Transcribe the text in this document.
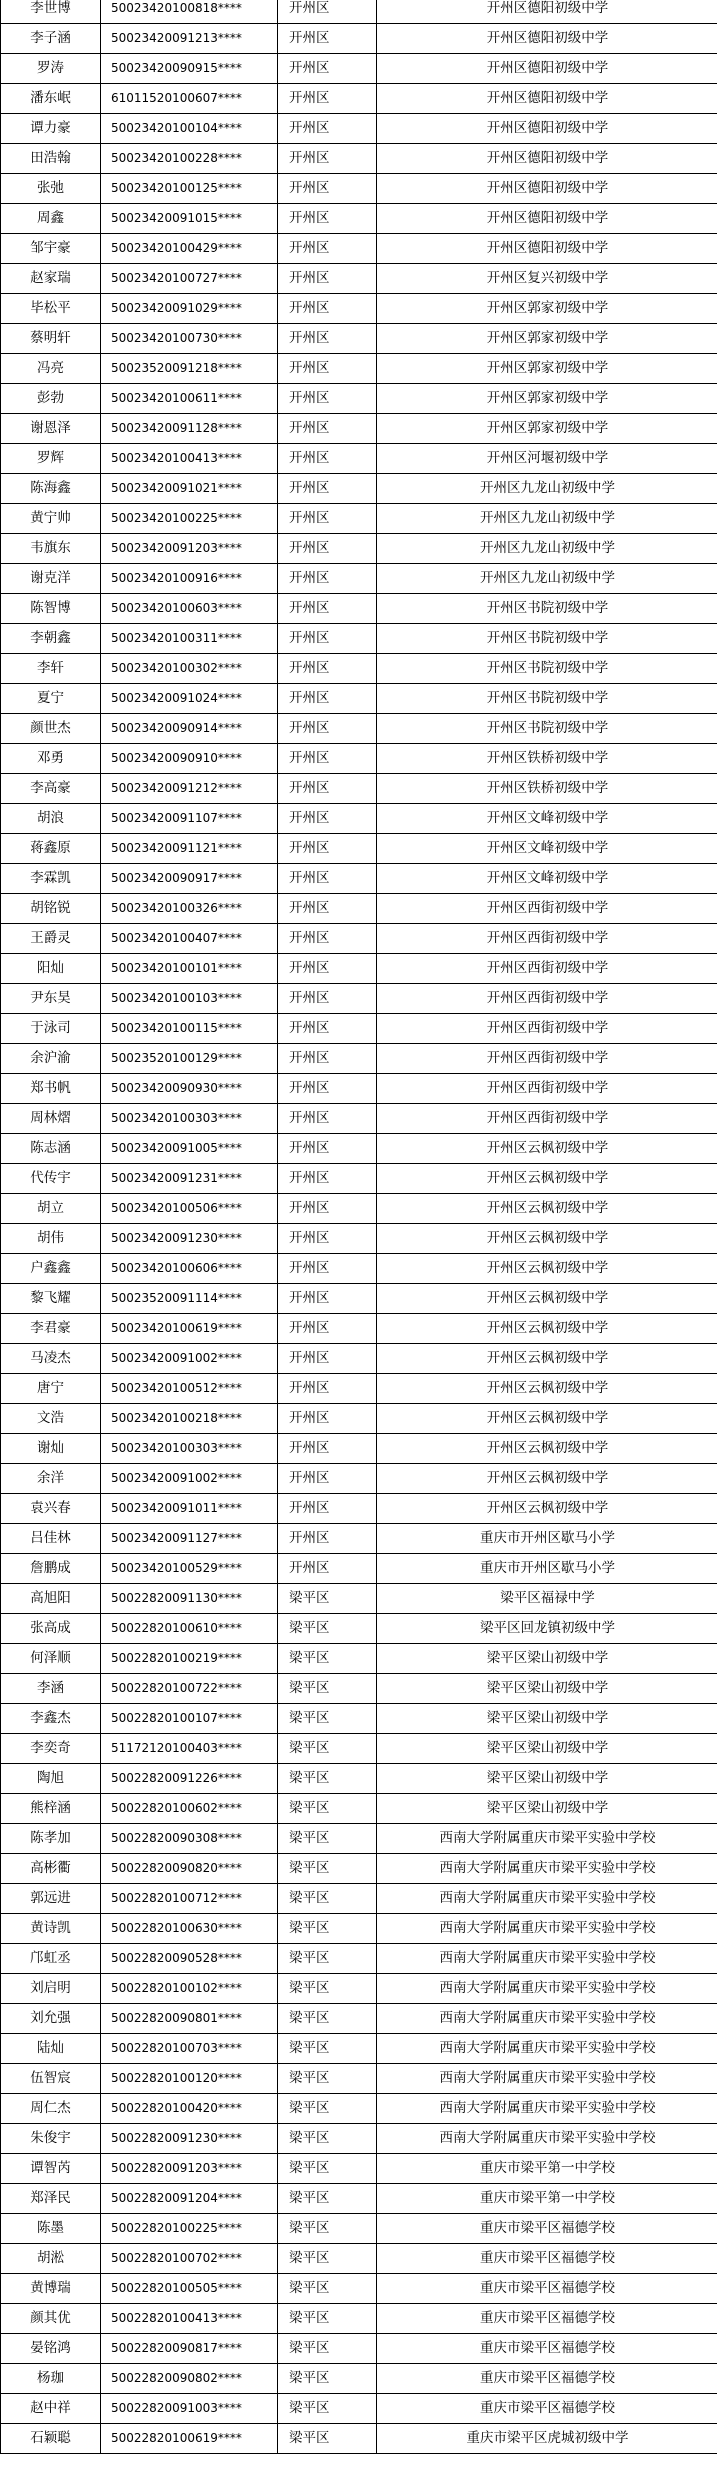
李世博	50023420100818****	开州区	开州区德阳初级中学
李子涵	50023420091213****	开州区	开州区德阳初级中学
罗涛	50023420090915****	开州区	开州区德阳初级中学
潘东岷	61011520100607****	开州区	开州区德阳初级中学
谭力豪	50023420100104****	开州区	开州区德阳初级中学
田浩翰	50023420100228****	开州区	开州区德阳初级中学
张弛	50023420100125****	开州区	开州区德阳初级中学
周鑫	50023420091015****	开州区	开州区德阳初级中学
邹宇豪	50023420100429****	开州区	开州区德阳初级中学
赵家瑞	50023420100727****	开州区	开州区复兴初级中学
毕松平	50023420091029****	开州区	开州区郭家初级中学
蔡明轩	50023420100730****	开州区	开州区郭家初级中学
冯亮	50023520091218****	开州区	开州区郭家初级中学
彭勃	50023420100611****	开州区	开州区郭家初级中学
谢恩泽	50023420091128****	开州区	开州区郭家初级中学
罗辉	50023420100413****	开州区	开州区河堰初级中学
陈海鑫	50023420091021****	开州区	开州区九龙山初级中学
黄宁帅	50023420100225****	开州区	开州区九龙山初级中学
韦旗东	50023420091203****	开州区	开州区九龙山初级中学
谢克洋	50023420100916****	开州区	开州区九龙山初级中学
陈智博	50023420100603****	开州区	开州区书院初级中学
李朝鑫	50023420100311****	开州区	开州区书院初级中学
李轩	50023420100302****	开州区	开州区书院初级中学
夏宁	50023420091024****	开州区	开州区书院初级中学
颜世杰	50023420090914****	开州区	开州区书院初级中学
邓勇	50023420090910****	开州区	开州区铁桥初级中学
李高豪	50023420091212****	开州区	开州区铁桥初级中学
胡浪	50023420091107****	开州区	开州区文峰初级中学
蒋鑫原	50023420091121****	开州区	开州区文峰初级中学
李霖凯	50023420090917****	开州区	开州区文峰初级中学
胡铭锐	50023420100326****	开州区	开州区西街初级中学
王爵灵	50023420100407****	开州区	开州区西街初级中学
阳灿	50023420100101****	开州区	开州区西街初级中学
尹东昊	50023420100103****	开州区	开州区西街初级中学
于泳司	50023420100115****	开州区	开州区西街初级中学
余沪渝	50023520100129****	开州区	开州区西街初级中学
郑书帆	50023420090930****	开州区	开州区西街初级中学
周林熠	50023420100303****	开州区	开州区西街初级中学
陈志涵	50023420091005****	开州区	开州区云枫初级中学
代传宇	50023420091231****	开州区	开州区云枫初级中学
胡立	50023420100506****	开州区	开州区云枫初级中学
胡伟	50023420091230****	开州区	开州区云枫初级中学
户鑫鑫	50023420100606****	开州区	开州区云枫初级中学
黎飞耀	50023520091114****	开州区	开州区云枫初级中学
李君豪	50023420100619****	开州区	开州区云枫初级中学
马凌杰	50023420091002****	开州区	开州区云枫初级中学
唐宁	50023420100512****	开州区	开州区云枫初级中学
文浩	50023420100218****	开州区	开州区云枫初级中学
谢灿	50023420100303****	开州区	开州区云枫初级中学
余洋	50023420091002****	开州区	开州区云枫初级中学
袁兴春	50023420091011****	开州区	开州区云枫初级中学
吕佳林	50023420091127****	开州区	重庆市开州区歇马小学
詹鹏成	50023420100529****	开州区	重庆市开州区歇马小学
高旭阳	50022820091130****	梁平区	梁平区福禄中学
张高成	50022820100610****	梁平区	梁平区回龙镇初级中学
何泽顺	50022820100219****	梁平区	梁平区梁山初级中学
李涵	50022820100722****	梁平区	梁平区梁山初级中学
李鑫杰	50022820100107****	梁平区	梁平区梁山初级中学
李奕奇	51172120100403****	梁平区	梁平区梁山初级中学
陶旭	50022820091226****	梁平区	梁平区梁山初级中学
熊梓涵	50022820100602****	梁平区	梁平区梁山初级中学
陈孝加	50022820090308****	梁平区	西南大学附属重庆市梁平实验中学校
高彬衢	50022820090820****	梁平区	西南大学附属重庆市梁平实验中学校
郭远进	50022820100712****	梁平区	西南大学附属重庆市梁平实验中学校
黄诗凯	50022820100630****	梁平区	西南大学附属重庆市梁平实验中学校
邝虹丞	50022820090528****	梁平区	西南大学附属重庆市梁平实验中学校
刘启明	50022820100102****	梁平区	西南大学附属重庆市梁平实验中学校
刘允强	50022820090801****	梁平区	西南大学附属重庆市梁平实验中学校
陆灿	50022820100703****	梁平区	西南大学附属重庆市梁平实验中学校
伍智宸	50022820100120****	梁平区	西南大学附属重庆市梁平实验中学校
周仁杰	50022820100420****	梁平区	西南大学附属重庆市梁平实验中学校
朱俊宇	50022820091230****	梁平区	西南大学附属重庆市梁平实验中学校
谭智芮	50022820091203****	梁平区	重庆市梁平第一中学校
郑泽民	50022820091204****	梁平区	重庆市梁平第一中学校
陈墨	50022820100225****	梁平区	重庆市梁平区福德学校
胡淞	50022820100702****	梁平区	重庆市梁平区福德学校
黄博瑞	50022820100505****	梁平区	重庆市梁平区福德学校
颜其优	50022820100413****	梁平区	重庆市梁平区福德学校
晏铭鸿	50022820090817****	梁平区	重庆市梁平区福德学校
杨珈	50022820090802****	梁平区	重庆市梁平区福德学校
赵中祥	50022820091003****	梁平区	重庆市梁平区福德学校
石颖聪	50022820100619****	梁平区	重庆市梁平区虎城初级中学
